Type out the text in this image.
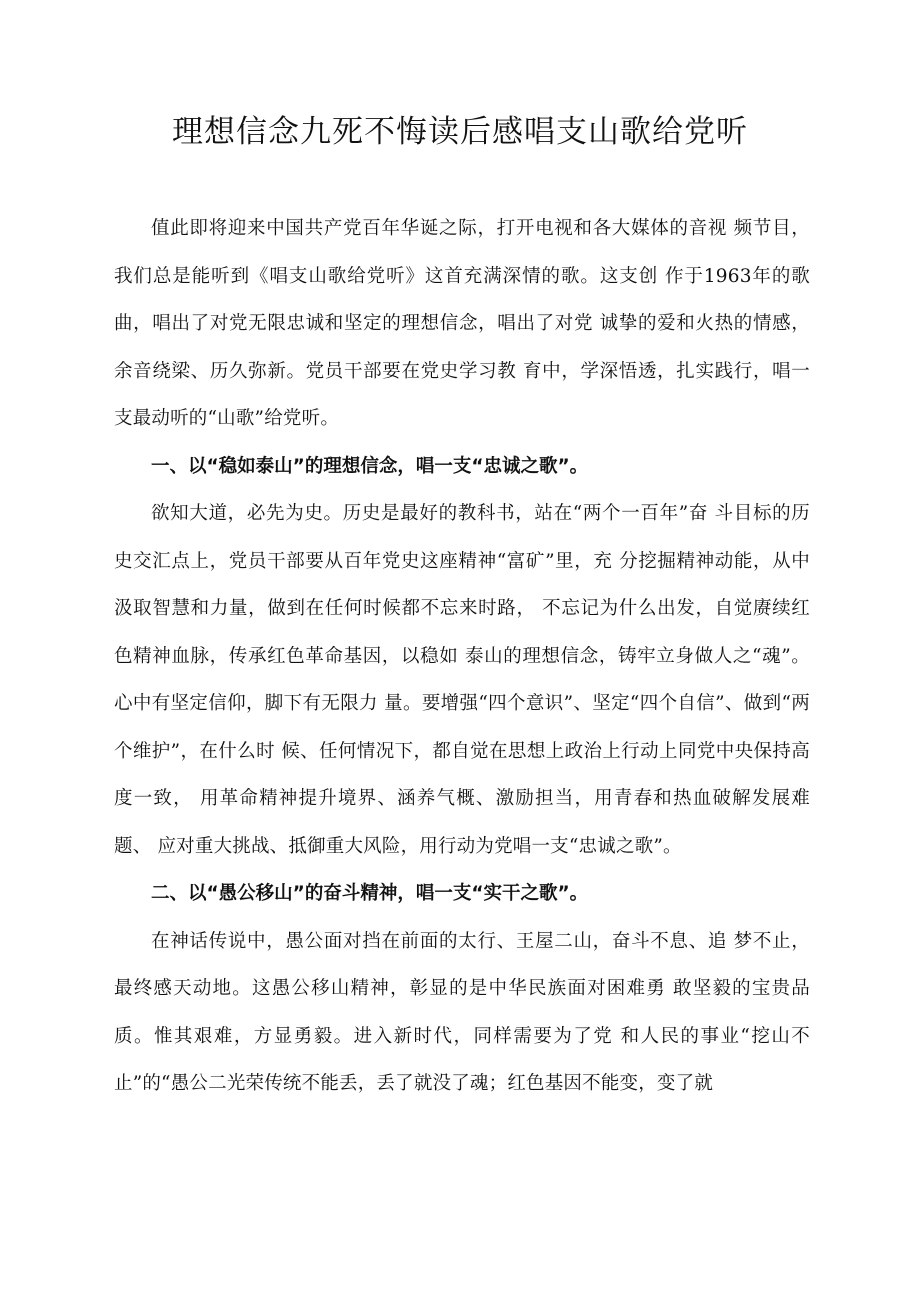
理想信念九死不悔读后感唱支山歌给党听

值此即将迎来中国共产党百年华诞之际，打开电视和各大媒体的音视 频节目，我们总是能听到《唱支山歌给党听》这首充满深情的歌。这支创 作于1963年的歌曲，唱出了对党无限忠诚和坚定的理想信念，唱出了对党 诚挚的爱和火热的情感，余音绕梁、历久弥新。党员干部要在党史学习教 育中，学深悟透，扎实践行，唱一支最动听的“山歌”给党听。

一、以“稳如泰山”的理想信念，唱一支“忠诚之歌”。

欲知大道，必先为史。历史是最好的教科书，站在“两个一百年”奋 斗目标的历史交汇点上，党员干部要从百年党史这座精神“富矿”里，充 分挖掘精神动能，从中汲取智慧和力量，做到在任何时候都不忘来时路， 不忘记为什么出发，自觉赓续红色精神血脉，传承红色革命基因，以稳如 泰山的理想信念，铸牢立身做人之“魂”。心中有坚定信仰，脚下有无限力 量。要增强“四个意识”、坚定“四个自信”、做到“两个维护”，在什么时 候、任何情况下，都自觉在思想上政治上行动上同党中央保持高度一致， 用革命精神提升境界、涵养气概、激励担当，用青春和热血破解发展难题、 应对重大挑战、抵御重大风险，用行动为党唱一支“忠诚之歌”。

二、以“愚公移山”的奋斗精神，唱一支“实干之歌”。

在神话传说中，愚公面对挡在前面的太行、王屋二山，奋斗不息、追 梦不止，最终感天动地。这愚公移山精神，彰显的是中华民族面对困难勇 敢坚毅的宝贵品质。惟其艰难，方显勇毅。进入新时代，同样需要为了党 和人民的事业“挖山不止”的“愚公二光荣传统不能丢，丢了就没了魂；红色基因不能变，变了就
